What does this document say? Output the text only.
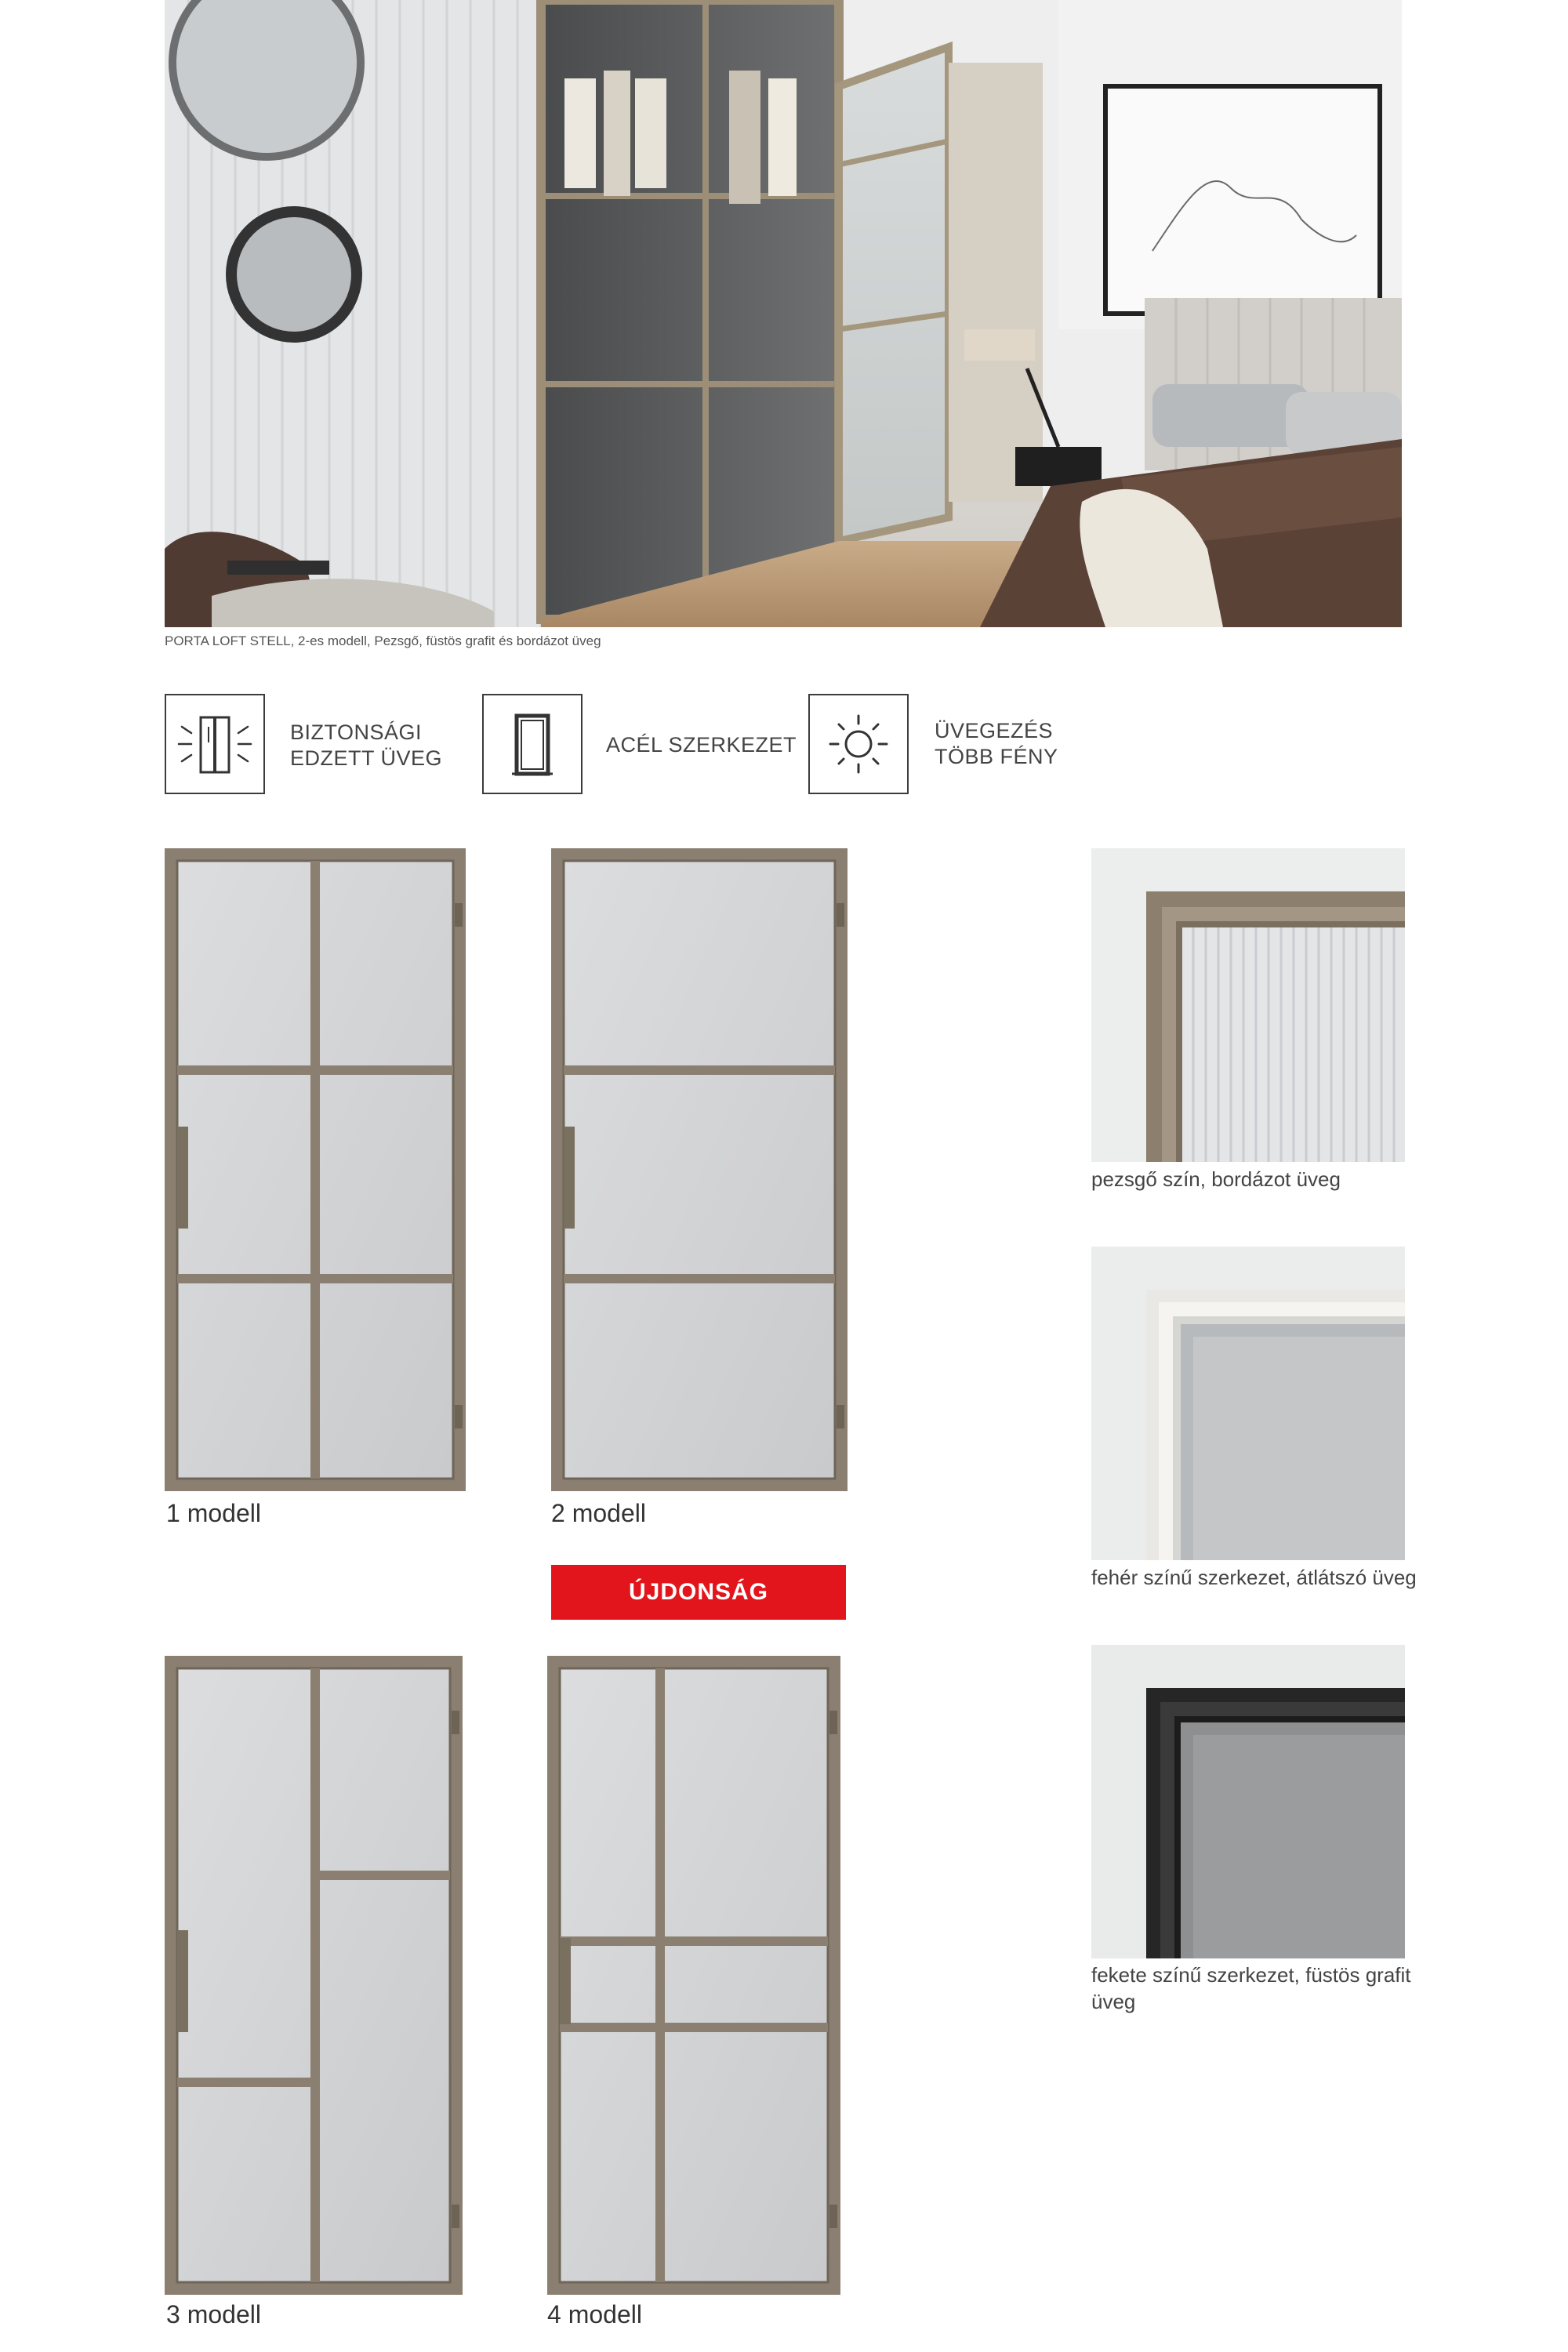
PORTA LOFT STELL, 2-es modell, Pezsgő, füstös grafit és bordázot üveg
BIZTONSÁGI
EDZETT ÜVEG
ACÉL SZERKEZET
ÜVEGEZÉS
TÖBB FÉNY
1 modell	2 modell
ÚJDONSÁG
3 modell	4 modell
pezsgő szín, bordázot üveg
fehér színű szerkezet, átlátszó üveg
fekete színű szerkezet, füstös grafit üveg
